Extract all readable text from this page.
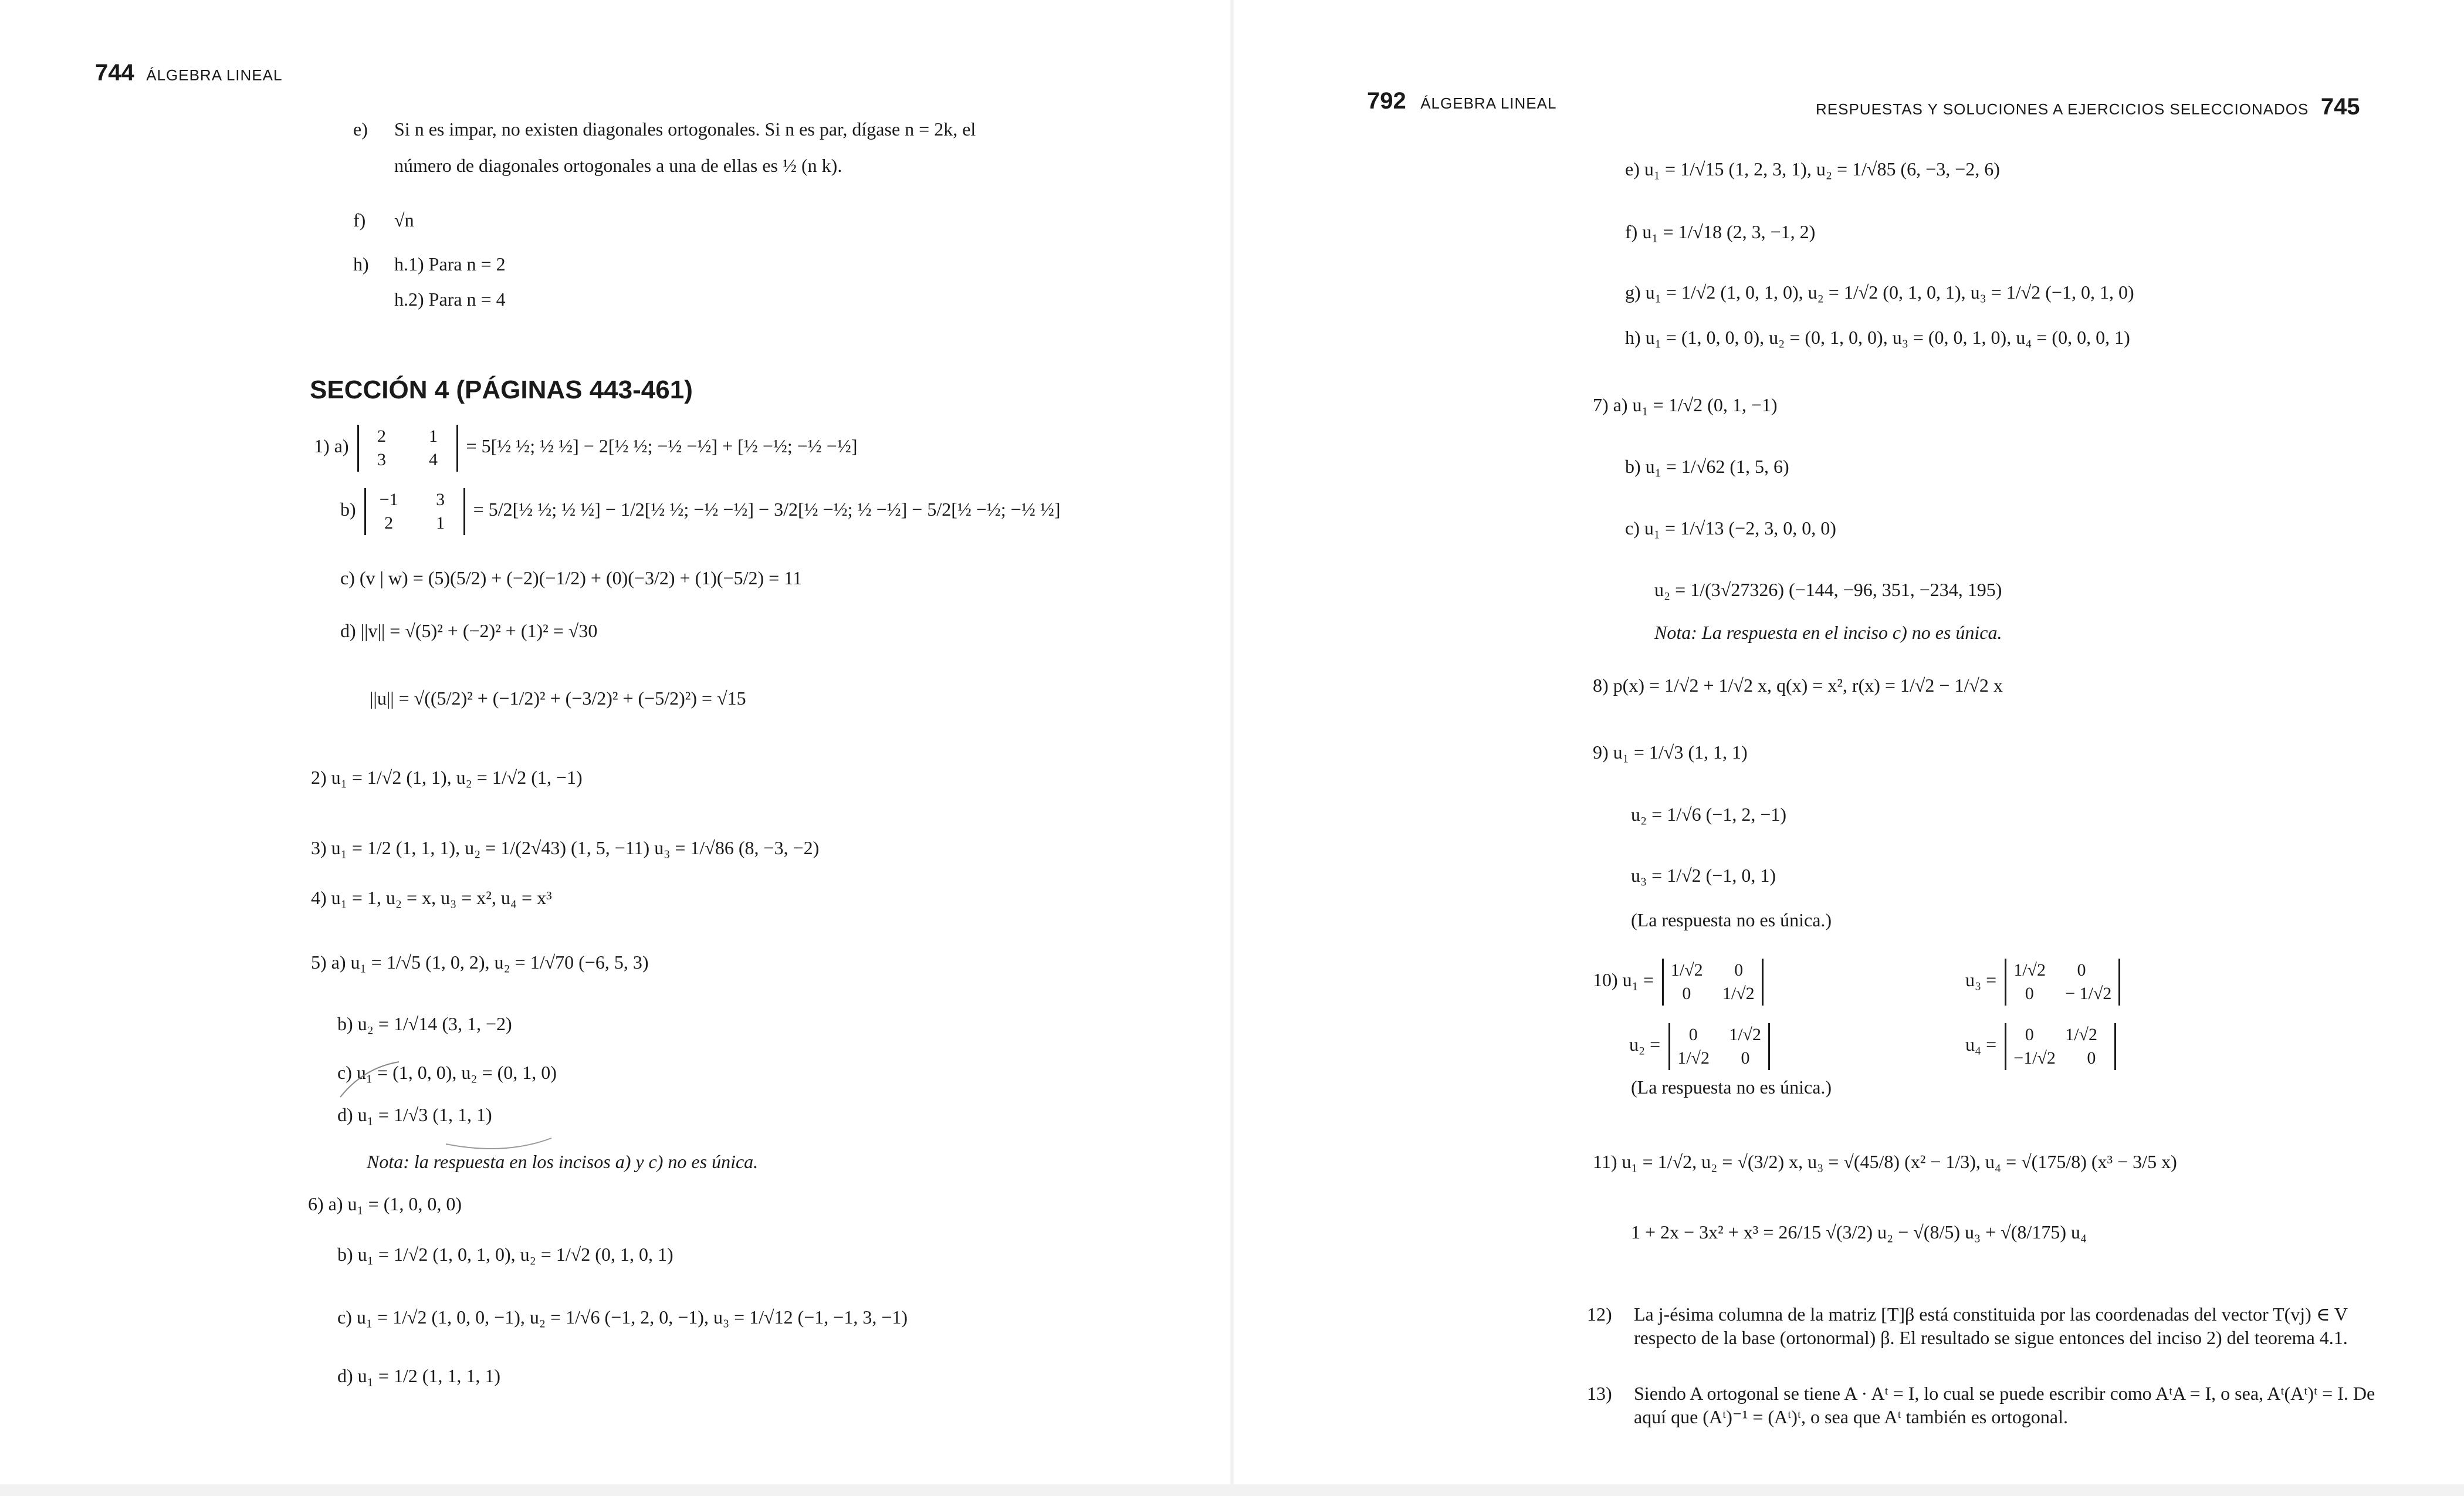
744 ÁLGEBRA LINEAL
e) Si n es impar, no existen diagonales ortogonales. Si n es par, dígase n = 2k, el
número de diagonales ortogonales a una de ellas es ½ (n k).
f) √n
h) h.1) Para n = 2
h.2) Para n = 4
SECCIÓN 4 (PÁGINAS 443-461)
1) a)	2	1
3	4
= 5[½ ½; ½ ½] − 2[½ ½; −½ −½] + [½ −½; −½ −½]
b)	−1	3
2	1
= 5/2[½ ½; ½ ½] − 1/2[½ ½; −½ −½] − 3/2[½ −½; ½ −½] − 5/2[½ −½; −½ ½]
c) (v | w) = (5)(5/2) + (−2)(−1/2) + (0)(−3/2) + (1)(−5/2) = 11
d) ||v|| = √(5)² + (−2)² + (1)² = √30
||u|| = √((5/2)² + (−1/2)² + (−3/2)² + (−5/2)²) = √15
2) u₁ = 1/√2 (1, 1), u₂ = 1/√2 (1, −1)
3) u₁ = 1/2 (1, 1, 1), u₂ = 1/(2√43) (1, 5, −11) u₃ = 1/√86 (8, −3, −2)
4) u₁ = 1, u₂ = x, u₃ = x², u₄ = x³
5) a) u₁ = 1/√5 (1, 0, 2), u₂ = 1/√70 (−6, 5, 3)
b) u₂ = 1/√14 (3, 1, −2)
c) u₁ = (1, 0, 0), u₂ = (0, 1, 0)
d) u₁ = 1/√3 (1, 1, 1)
Nota: la respuesta en los incisos a) y c) no es única.
6) a) u₁ = (1, 0, 0, 0)
b) u₁ = 1/√2 (1, 0, 1, 0), u₂ = 1/√2 (0, 1, 0, 1)
c) u₁ = 1/√2 (1, 0, 0, −1), u₂ = 1/√6 (−1, 2, 0, −1), u₃ = 1/√12 (−1, −1, 3, −1)
d) u₁ = 1/2 (1, 1, 1, 1)
792 ÁLGEBRA LINEAL	RESPUESTAS Y SOLUCIONES A EJERCICIOS SELECCIONADOS 745
e) u₁ = 1/√15 (1, 2, 3, 1), u₂ = 1/√85 (6, −3, −2, 6)
f) u₁ = 1/√18 (2, 3, −1, 2)
g) u₁ = 1/√2 (1, 0, 1, 0), u₂ = 1/√2 (0, 1, 0, 1), u₃ = 1/√2 (−1, 0, 1, 0)
h) u₁ = (1, 0, 0, 0), u₂ = (0, 1, 0, 0), u₃ = (0, 0, 1, 0), u₄ = (0, 0, 0, 1)
7) a) u₁ = 1/√2 (0, 1, −1)
b) u₁ = 1/√62 (1, 5, 6)
c) u₁ = 1/√13 (−2, 3, 0, 0, 0)
u₂ = 1/(3√27326) (−144, −96, 351, −234, 195)
Nota: La respuesta en el inciso c) no es única.
8) p(x) = 1/√2 + 1/√2 x, q(x) = x², r(x) = 1/√2 − 1/√2 x
9) u₁ = 1/√3 (1, 1, 1)
u₂ = 1/√6 (−1, 2, −1)
u₃ = 1/√2 (−1, 0, 1)
(La respuesta no es única.)
10) u₁ = 1/√2	0
0	1/√2
u₃ = 1/√2	0
0	− 1/√2
u₂ =	0	1/√2
1/√2	0
u₄ =	0	1/√2
−1/√2	0
(La respuesta no es única.)
11) u₁ = 1/√2, u₂ = √(3/2) x, u₃ = √(45/8) (x² − 1/3), u₄ = √(175/8) (x³ − 3/5 x)
1 + 2x − 3x² + x³ = 26/15 √(3/2) u₂ − √(8/5) u₃ + √(8/175) u₄
12) La j-ésima columna de la matriz [T]β está constituida por las coordenadas del vector T(vj) ∈ V respecto de la base (ortonormal) β. El resultado se sigue entonces del inciso 2) del teorema 4.1.
13) Siendo A ortogonal se tiene A · Aᵗ = I, lo cual se puede escribir como AᵗA = I, o sea, Aᵗ(Aᵗ)ᵗ = I. De aquí que (Aᵗ)⁻¹ = (Aᵗ)ᵗ, o sea que Aᵗ también es ortogonal.
